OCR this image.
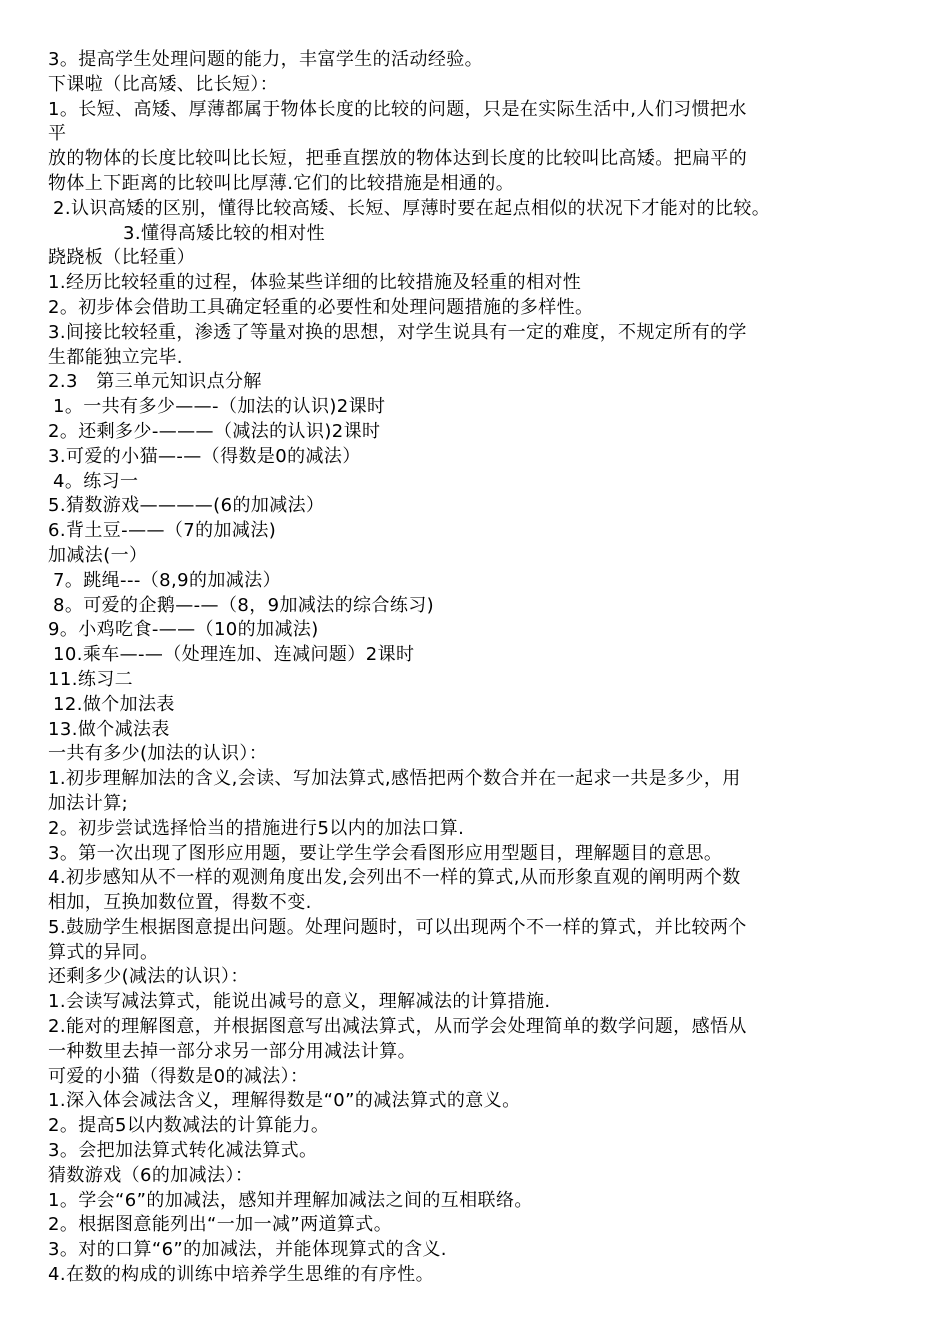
3。提高学生处理问题的能力，丰富学生的活动经验。
下课啦（比高矮、比长短）：
1。长短、高矮、厚薄都属于物体长度的比较的问题，只是在实际生活中,人们习惯把水
平
放的物体的长度比较叫比长短，把垂直摆放的物体达到长度的比较叫比高矮。把扁平的
物体上下距离的比较叫比厚薄.它们的比较措施是相通的。
2.认识高矮的区别，懂得比较高矮、长短、厚薄时要在起点相似的状况下才能对的比较。
3.懂得高矮比较的相对性
跷跷板（比轻重）
1.经历比较轻重的过程，体验某些详细的比较措施及轻重的相对性
2。初步体会借助工具确定轻重的必要性和处理问题措施的多样性。
3.间接比较轻重，渗透了等量对换的思想，对学生说具有一定的难度，不规定所有的学
生都能独立完毕.
2.3　第三单元知识点分解
1。一共有多少——-（加法的认识)2课时
2。还剩多少-———（减法的认识)2课时
3.可爱的小猫—-—（得数是0的减法）
4。练习一
5.猜数游戏————(6的加减法）
6.背土豆-——（7的加减法)
加减法(一）
7。跳绳---（8,9的加减法）
8。可爱的企鹅—-—（8，9加减法的综合练习)
9。小鸡吃食-——（10的加减法)
10.乘车—-—（处理连加、连减问题）2课时
11.练习二
12.做个加法表
13.做个减法表
一共有多少(加法的认识）：
1.初步理解加法的含义,会读、写加法算式,感悟把两个数合并在一起求一共是多少，用
加法计算;
2。初步尝试选择恰当的措施进行5以内的加法口算.
3。第一次出现了图形应用题，要让学生学会看图形应用型题目，理解题目的意思。
4.初步感知从不一样的观测角度出发,会列出不一样的算式,从而形象直观的阐明两个数
相加，互换加数位置，得数不变.
5.鼓励学生根据图意提出问题。处理问题时，可以出现两个不一样的算式，并比较两个
算式的异同。
还剩多少(减法的认识）：
1.会读写减法算式，能说出减号的意义，理解减法的计算措施.
2.能对的理解图意，并根据图意写出减法算式，从而学会处理简单的数学问题，感悟从
一种数里去掉一部分求另一部分用减法计算。
可爱的小猫（得数是0的减法）：
1.深入体会减法含义，理解得数是“0”的减法算式的意义。
2。提高5以内数减法的计算能力。
3。会把加法算式转化减法算式。
猜数游戏（6的加减法）：
1。学会“6”的加减法，感知并理解加减法之间的互相联络。
2。根据图意能列出“一加一减”两道算式。
3。对的口算“6”的加减法，并能体现算式的含义.
4.在数的构成的训练中培养学生思维的有序性。
